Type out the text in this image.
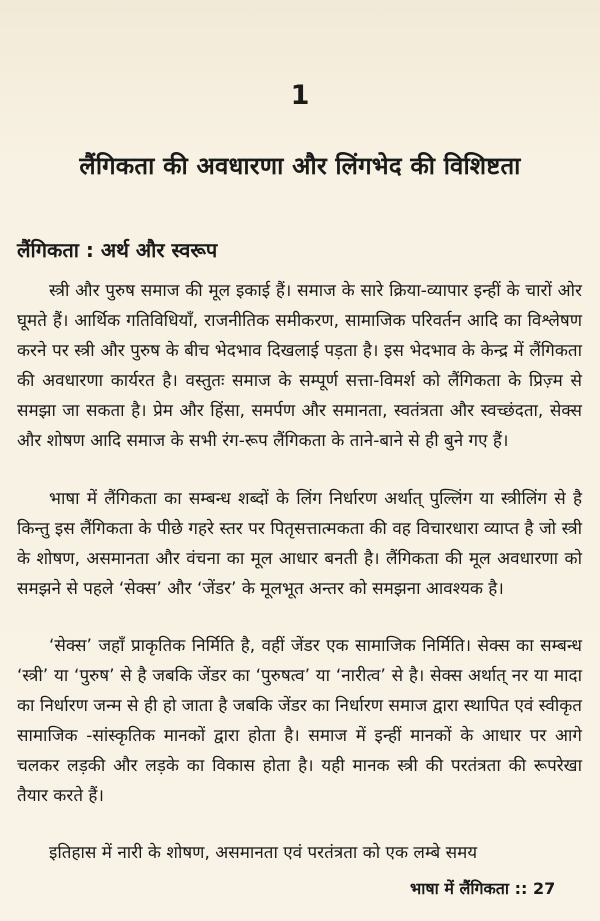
1
लैंगिकता की अवधारणा और लिंगभेद की विशिष्टता
लैंगिकता : अर्थ और स्वरूप

स्त्री और पुरुष समाज की मूल इकाई हैं। समाज के सारे क्रिया-व्यापार इन्हीं के चारों ओर घूमते हैं। आर्थिक गतिविधियाँ, राजनीतिक समीकरण, सामाजिक परिवर्तन आदि का विश्लेषण करने पर स्त्री और पुरुष के बीच भेदभाव दिखलाई पड़ता है। इस भेदभाव के केन्द्र में लैंगिकता की अवधारणा कार्यरत है। वस्तुतः समाज के सम्पूर्ण सत्ता-विमर्श को लैंगिकता के प्रिज़्म से समझा जा सकता है। प्रेम और हिंसा, समर्पण और समानता, स्वतंत्रता और स्वच्छंदता, सेक्स और शोषण आदि समाज के सभी रंग-रूप लैंगिकता के ताने-बाने से ही बुने गए हैं।

भाषा में लैंगिकता का सम्बन्ध शब्दों के लिंग निर्धारण अर्थात् पुल्लिंग या स्त्रीलिंग से है किन्तु इस लैंगिकता के पीछे गहरे स्तर पर पितृसत्तात्मकता की वह विचारधारा व्याप्त है जो स्त्री के शोषण, असमानता और वंचना का मूल आधार बनती है। लैंगिकता की मूल अवधारणा को समझने से पहले ‘सेक्स’ और ‘जेंडर’ के मूलभूत अन्तर को समझना आवश्यक है।

‘सेक्स’ जहाँ प्राकृतिक निर्मिति है, वहीं जेंडर एक सामाजिक निर्मिति। सेक्स का सम्बन्ध ‘स्त्री’ या ‘पुरुष’ से है जबकि जेंडर का ‘पुरुषत्व’ या ‘नारीत्व’ से है। सेक्स अर्थात् नर या मादा का निर्धारण जन्म से ही हो जाता है जबकि जेंडर का निर्धारण समाज द्वारा स्थापित एवं स्वीकृत सामाजिक -सांस्कृतिक मानकों द्वारा होता है। समाज में इन्हीं मानकों के आधार पर आगे चलकर लड़की और लड़के का विकास होता है। यही मानक स्त्री की परतंत्रता की रूपरेखा तैयार करते हैं।

इतिहास में नारी के शोषण, असमानता एवं परतंत्रता को एक लम्बे समय

भाषा में लैंगिकता :: 27
